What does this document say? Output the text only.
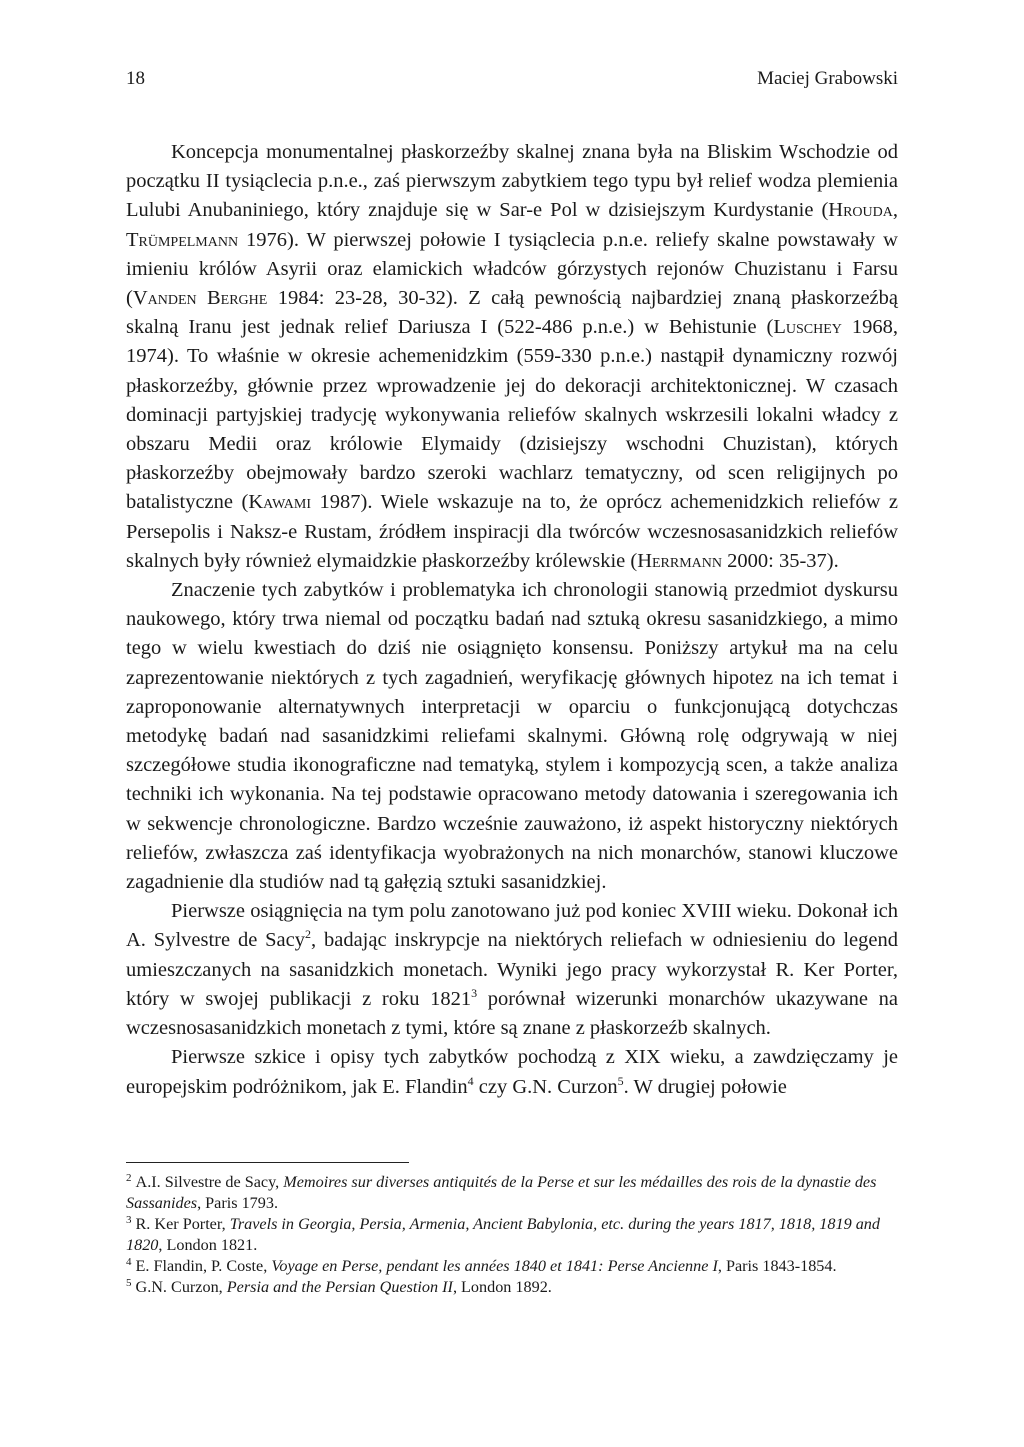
18	Maciej Grabowski

Koncepcja monumentalnej płaskorzeźby skalnej znana była na Bliskim Wschodzie od początku II tysiąclecia p.n.e., zaś pierwszym zabytkiem tego typu był relief wodza plemienia Lulubi Anubaniniego, który znajduje się w Sar-e Pol w dzisiejszym Kurdystanie (Hrouda, Trümpelmann 1976). W pierwszej połowie I tysiąclecia p.n.e. reliefy skalne powstawały w imieniu królów Asyrii oraz elamickich władców górzystych rejonów Chuzistanu i Farsu (Vanden Berghe 1984: 23-28, 30-32). Z całą pewnością najbardziej znaną płaskorzeźbą skalną Iranu jest jednak relief Dariusza I (522-486 p.n.e.) w Behistunie (Luschey 1968, 1974). To właśnie w okresie achemenidzkim (559-330 p.n.e.) nastąpił dynamiczny rozwój płaskorzeźby, głównie przez wprowadzenie jej do dekoracji architektonicznej. W czasach dominacji partyjskiej tradycję wykonywania reliefów skalnych wskrzesili lokalni władcy z obszaru Medii oraz królowie Elymaidy (dzisiejszy wschodni Chuzistan), których płaskorzeźby obejmowały bardzo szeroki wachlarz tematyczny, od scen religijnych po batalistyczne (Kawami 1987). Wiele wskazuje na to, że oprócz achemenidzkich reliefów z Persepolis i Naksz-e Rustam, źródłem inspiracji dla twórców wczesnosasanidzkich reliefów skalnych były również elymaidzkie płaskorzeźby królewskie (Herrmann 2000: 35-37).

Znaczenie tych zabytków i problematyka ich chronologii stanowią przedmiot dyskursu naukowego, który trwa niemal od początku badań nad sztuką okresu sasanidzkiego, a mimo tego w wielu kwestiach do dziś nie osiągnięto konsensu. Poniższy artykuł ma na celu zaprezentowanie niektórych z tych zagadnień, weryfikację głównych hipotez na ich temat i zaproponowanie alternatywnych interpretacji w oparciu o funkcjonującą dotychczas metodykę badań nad sasanidzkimi reliefami skalnymi. Główną rolę odgrywają w niej szczegółowe studia ikonograficzne nad tematyką, stylem i kompozycją scen, a także analiza techniki ich wykonania. Na tej podstawie opracowano metody datowania i szeregowania ich w sekwencje chronologiczne. Bardzo wcześnie zauważono, iż aspekt historyczny niektórych reliefów, zwłaszcza zaś identyfikacja wyobrażonych na nich monarchów, stanowi kluczowe zagadnienie dla studiów nad tą gałęzią sztuki sasanidzkiej.

Pierwsze osiągnięcia na tym polu zanotowano już pod koniec XVIII wieku. Dokonał ich A. Sylvestre de Sacy$^2$, badając inskrypcje na niektórych reliefach w odniesieniu do legend umieszczanych na sasanidzkich monetach. Wyniki jego pracy wykorzystał R. Ker Porter, który w swojej publikacji z roku 1821$^3$ porównał wizerunki monarchów ukazywane na wczesnosasanidzkich monetach z tymi, które są znane z płaskorzeźb skalnych.

Pierwsze szkice i opisy tych zabytków pochodzą z XIX wieku, a zawdzięczamy je europejskim podróżnikom, jak E. Flandin$^4$ czy G.N. Curzon$^5$. W drugiej połowie

$^2$ A.I. Silvestre de Sacy, Memoires sur diverses antiquités de la Perse et sur les médailles des rois de la dynastie des Sassanides, Paris 1793.

$^3$ R. Ker Porter, Travels in Georgia, Persia, Armenia, Ancient Babylonia, etc. during the years 1817, 1818, 1819 and 1820, London 1821.

$^4$ E. Flandin, P. Coste, Voyage en Perse, pendant les années 1840 et 1841: Perse Ancienne I, Paris 1843-1854.

$^5$ G.N. Curzon, Persia and the Persian Question II, London 1892.
